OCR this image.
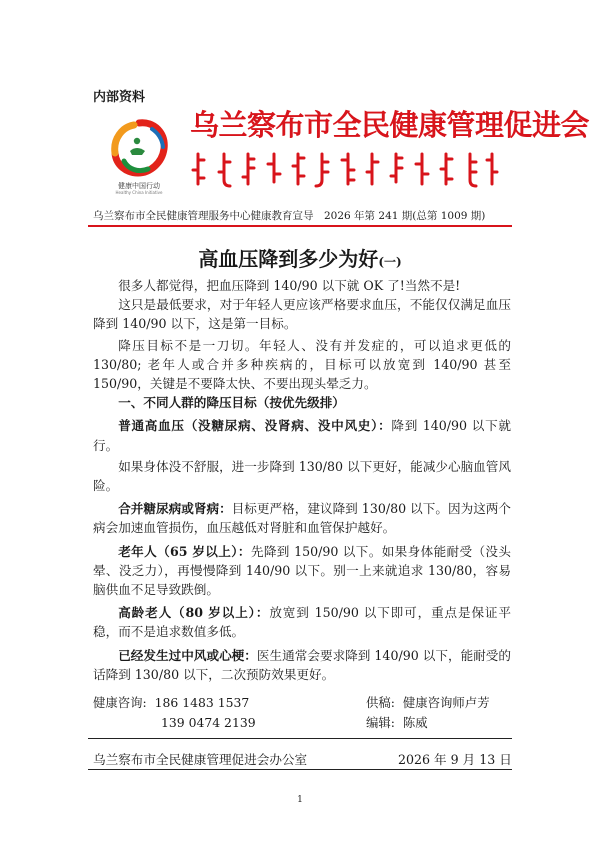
内部资料
健康中国行动
Healthy China Initiative
乌兰察布市全民健康管理促进会
乌兰察布市全民健康管理服务中心健康教育宣导　2026 年第 241 期(总第 1009 期)
高血压降到多少为好(一)

很多人都觉得，把血压降到 140/90 以下就 OK 了!当然不是!

这只是最低要求，对于年轻人更应该严格要求血压，不能仅仅满足血压降到 140/90 以下，这是第一目标。

降压目标不是一刀切。年轻人、没有并发症的，可以追求更低的 130/80; 老年人或合并多种疾病的，目标可以放宽到 140/90 甚至 150/90，关键是不要降太快、不要出现头晕乏力。

一、不同人群的降压目标（按优先级排）

普通高血压（没糖尿病、没肾病、没中风史）：降到 140/90 以下就行。

如果身体没不舒服，进一步降到 130/80 以下更好，能减少心脑血管风险。

合并糖尿病或肾病：目标更严格，建议降到 130/80 以下。因为这两个病会加速血管损伤，血压越低对肾脏和血管保护越好。

老年人（65 岁以上）：先降到 150/90 以下。如果身体能耐受（没头晕、没乏力），再慢慢降到 140/90 以下。别一上来就追求 130/80，容易脑供血不足导致跌倒。

高龄老人（80 岁以上）：放宽到 150/90 以下即可，重点是保证平稳，而不是追求数值多低。

已经发生过中风或心梗：医生通常会要求降到 140/90 以下，能耐受的话降到 130/80 以下，二次预防效果更好。

健康咨询: 186 1483 1537
139 0474 2139
供稿: 健康咨询师卢芳
编辑: 陈威
乌兰察布市全民健康管理促进会办公室	2026 年 9 月 13 日
1
